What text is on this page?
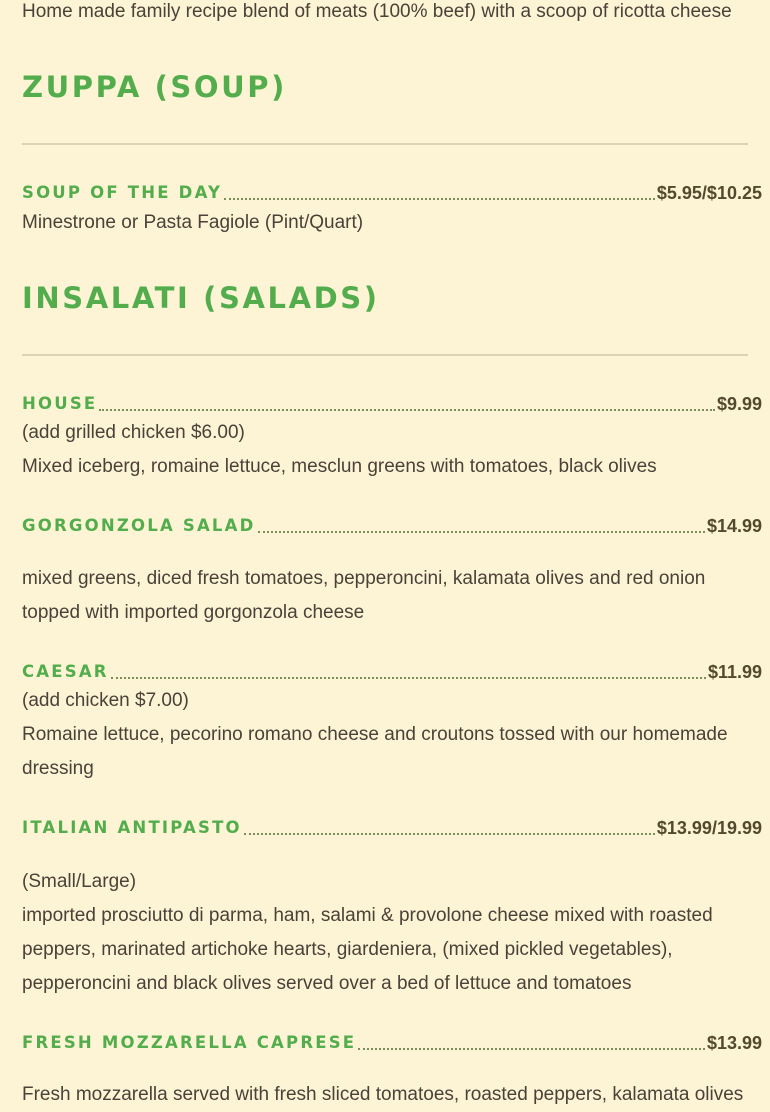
Home made family recipe blend of meats (100% beef) with a scoop of ricotta cheese
ZUPPA (SOUP)
SOUP OF THE DAY	$5.95/$10.25
Minestrone or Pasta Fagiole (Pint/Quart)
INSALATI (SALADS)
HOUSE	$9.99
(add grilled chicken $6.00)
Mixed iceberg, romaine lettuce, mesclun greens with tomatoes, black olives
GORGONZOLA SALAD	$14.99
mixed greens, diced fresh tomatoes, pepperoncini, kalamata olives and red onion topped with imported gorgonzola cheese
CAESAR	$11.99
(add chicken $7.00)
Romaine lettuce, pecorino romano cheese and croutons tossed with our homemade dressing
ITALIAN ANTIPASTO	$13.99/19.99
(Small/Large)
imported prosciutto di parma, ham, salami & provolone cheese mixed with roasted peppers, marinated artichoke hearts, giardeniera, (mixed pickled vegetables), pepperoncini and black olives served over a bed of lettuce and tomatoes
FRESH MOZZARELLA CAPRESE	$13.99
Fresh mozzarella served with fresh sliced tomatoes, roasted peppers, kalamata olives
